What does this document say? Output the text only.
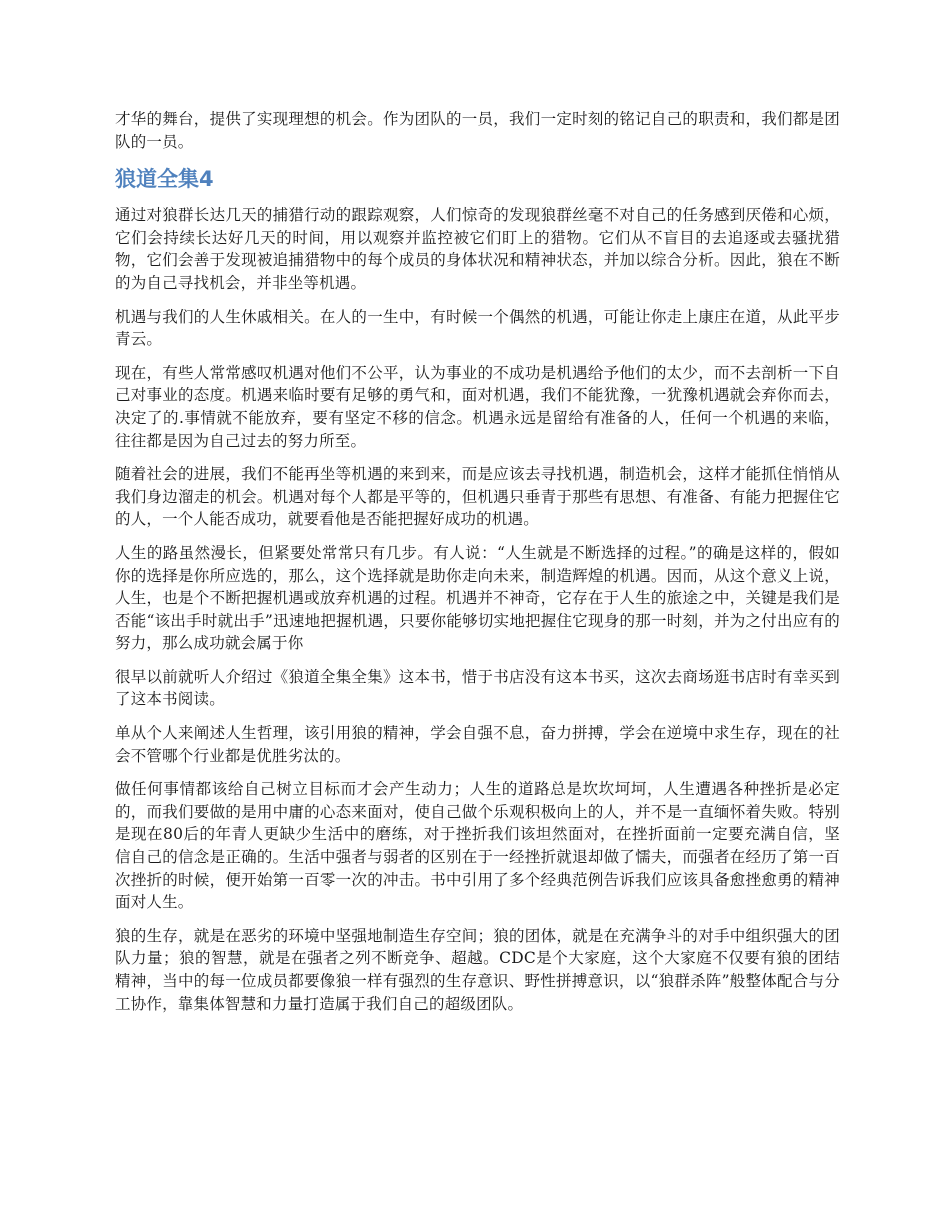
才华的舞台，提供了实现理想的机会。作为团队的一员，我们一定时刻的铭记自己的职责和，我们都是团队的一员。

狼道全集4

通过对狼群长达几天的捕猎行动的跟踪观察，人们惊奇的发现狼群丝毫不对自己的任务感到厌倦和心烦，它们会持续长达好几天的时间，用以观察并监控被它们盯上的猎物。它们从不盲目的去追逐或去骚扰猎物，它们会善于发现被追捕猎物中的每个成员的身体状况和精神状态，并加以综合分析。因此，狼在不断的为自己寻找机会，并非坐等机遇。

机遇与我们的人生休戚相关。在人的一生中，有时候一个偶然的机遇，可能让你走上康庄在道，从此平步青云。

现在，有些人常常感叹机遇对他们不公平，认为事业的不成功是机遇给予他们的太少，而不去剖析一下自己对事业的态度。机遇来临时要有足够的勇气和，面对机遇，我们不能犹豫，一犹豫机遇就会弃你而去，决定了的.事情就不能放弃，要有坚定不移的信念。机遇永远是留给有准备的人，任何一个机遇的来临，往往都是因为自己过去的努力所至。

随着社会的进展，我们不能再坐等机遇的来到来，而是应该去寻找机遇，制造机会，这样才能抓住悄悄从我们身边溜走的机会。机遇对每个人都是平等的，但机遇只垂青于那些有思想、有准备、有能力把握住它的人，一个人能否成功，就要看他是否能把握好成功的机遇。

人生的路虽然漫长，但紧要处常常只有几步。有人说：“人生就是不断选择的过程。”的确是这样的，假如你的选择是你所应选的，那么，这个选择就是助你走向未来，制造辉煌的机遇。因而，从这个意义上说，人生，也是个不断把握机遇或放弃机遇的过程。机遇并不神奇，它存在于人生的旅途之中，关键是我们是否能“该出手时就出手”迅速地把握机遇，只要你能够切实地把握住它现身的那一时刻，并为之付出应有的努力，那么成功就会属于你

很早以前就听人介绍过《狼道全集全集》这本书，惜于书店没有这本书买，这次去商场逛书店时有幸买到了这本书阅读。

单从个人来阐述人生哲理，该引用狼的精神，学会自强不息，奋力拼搏，学会在逆境中求生存，现在的社会不管哪个行业都是优胜劣汰的。

做任何事情都该给自己树立目标而才会产生动力；人生的道路总是坎坎坷坷，人生遭遇各种挫折是必定的，而我们要做的是用中庸的心态来面对，使自己做个乐观积极向上的人，并不是一直缅怀着失败。特别是现在80后的年青人更缺少生活中的磨练，对于挫折我们该坦然面对，在挫折面前一定要充满自信，坚信自己的信念是正确的。生活中强者与弱者的区别在于一经挫折就退却做了懦夫，而强者在经历了第一百次挫折的时候，便开始第一百零一次的冲击。书中引用了多个经典范例告诉我们应该具备愈挫愈勇的精神面对人生。

狼的生存，就是在恶劣的环境中坚强地制造生存空间；狼的团体，就是在充满争斗的对手中组织强大的团队力量；狼的智慧，就是在强者之列不断竞争、超越。CDC是个大家庭，这个大家庭不仅要有狼的团结精神，当中的每一位成员都要像狼一样有强烈的生存意识、野性拼搏意识，以“狼群杀阵”般整体配合与分工协作，靠集体智慧和力量打造属于我们自己的超级团队。
